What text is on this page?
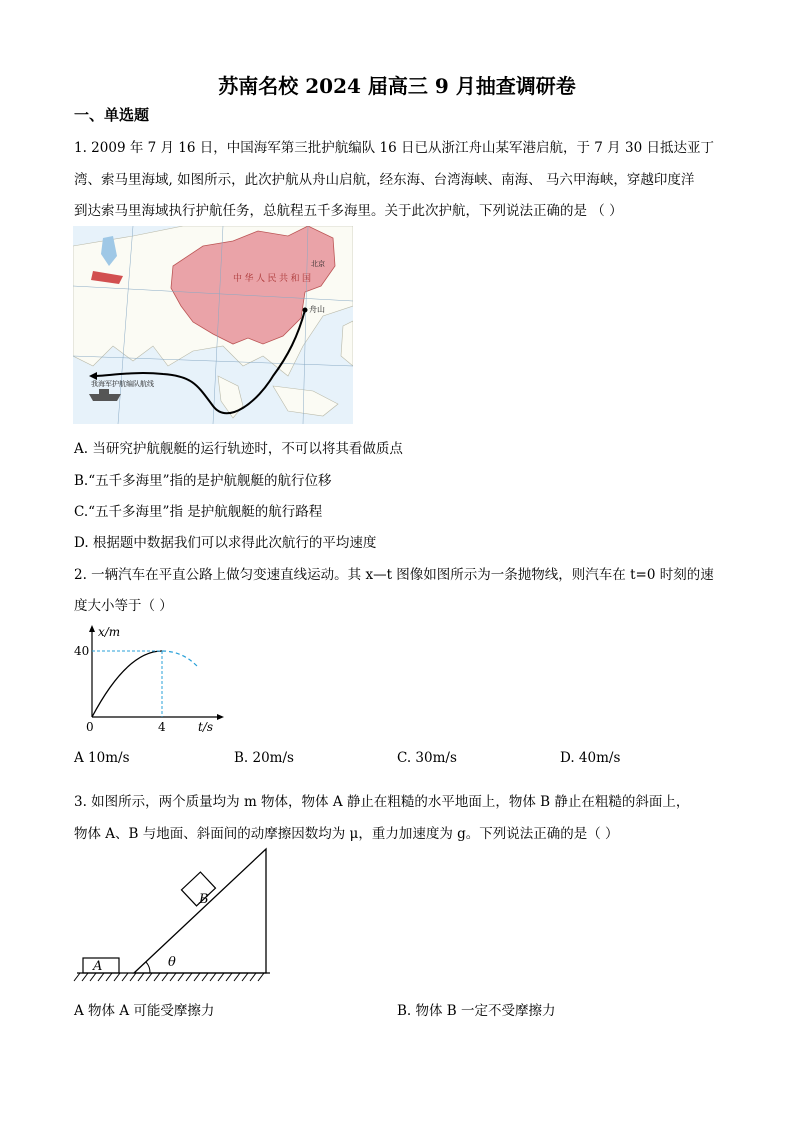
苏南名校 2024 届高三 9 月抽查调研卷
一、单选题
1. 2009 年 7 月 16 日，中国海军第三批护航编队 16 日已从浙江舟山某军港启航，于 7 月 30 日抵达亚丁
湾、索马里海域, 如图所示，此次护航从舟山启航，经东海、台湾海峡、南海、 马六甲海峡，穿越印度洋
到达索马里海域执行护航任务，总航程五千多海里。关于此次护航，下列说法正确的是 （ ）
中 华 人 民 共 和 国
舟山
北京
我海军护航编队航线
A. 当研究护航舰艇的运行轨迹时，不可以将其看做质点
B.“五千多海里”指的是护航舰艇的航行位移
C.“五千多海里”指 是护航舰艇的航行路程
D. 根据题中数据我们可以求得此次航行的平均速度
2. 一辆汽车在平直公路上做匀变速直线运动。其 x—t 图像如图所示为一条抛物线，则汽车在 t=0 时刻的速
度大小等于（ ）
x/m
40
0	4	t/s
A 10m/s	B. 20m/s	C. 30m/s	D. 40m/s
3. 如图所示，两个质量均为 m 物体，物体 A 静止在粗糙的水平地面上，物体 B 静止在粗糙的斜面上，
物体 A、B 与地面、斜面间的动摩擦因数均为 μ，重力加速度为 g。下列说法正确的是（ ）
A
B
θ
A 物体 A 可能受摩擦力	B. 物体 B 一定不受摩擦力
